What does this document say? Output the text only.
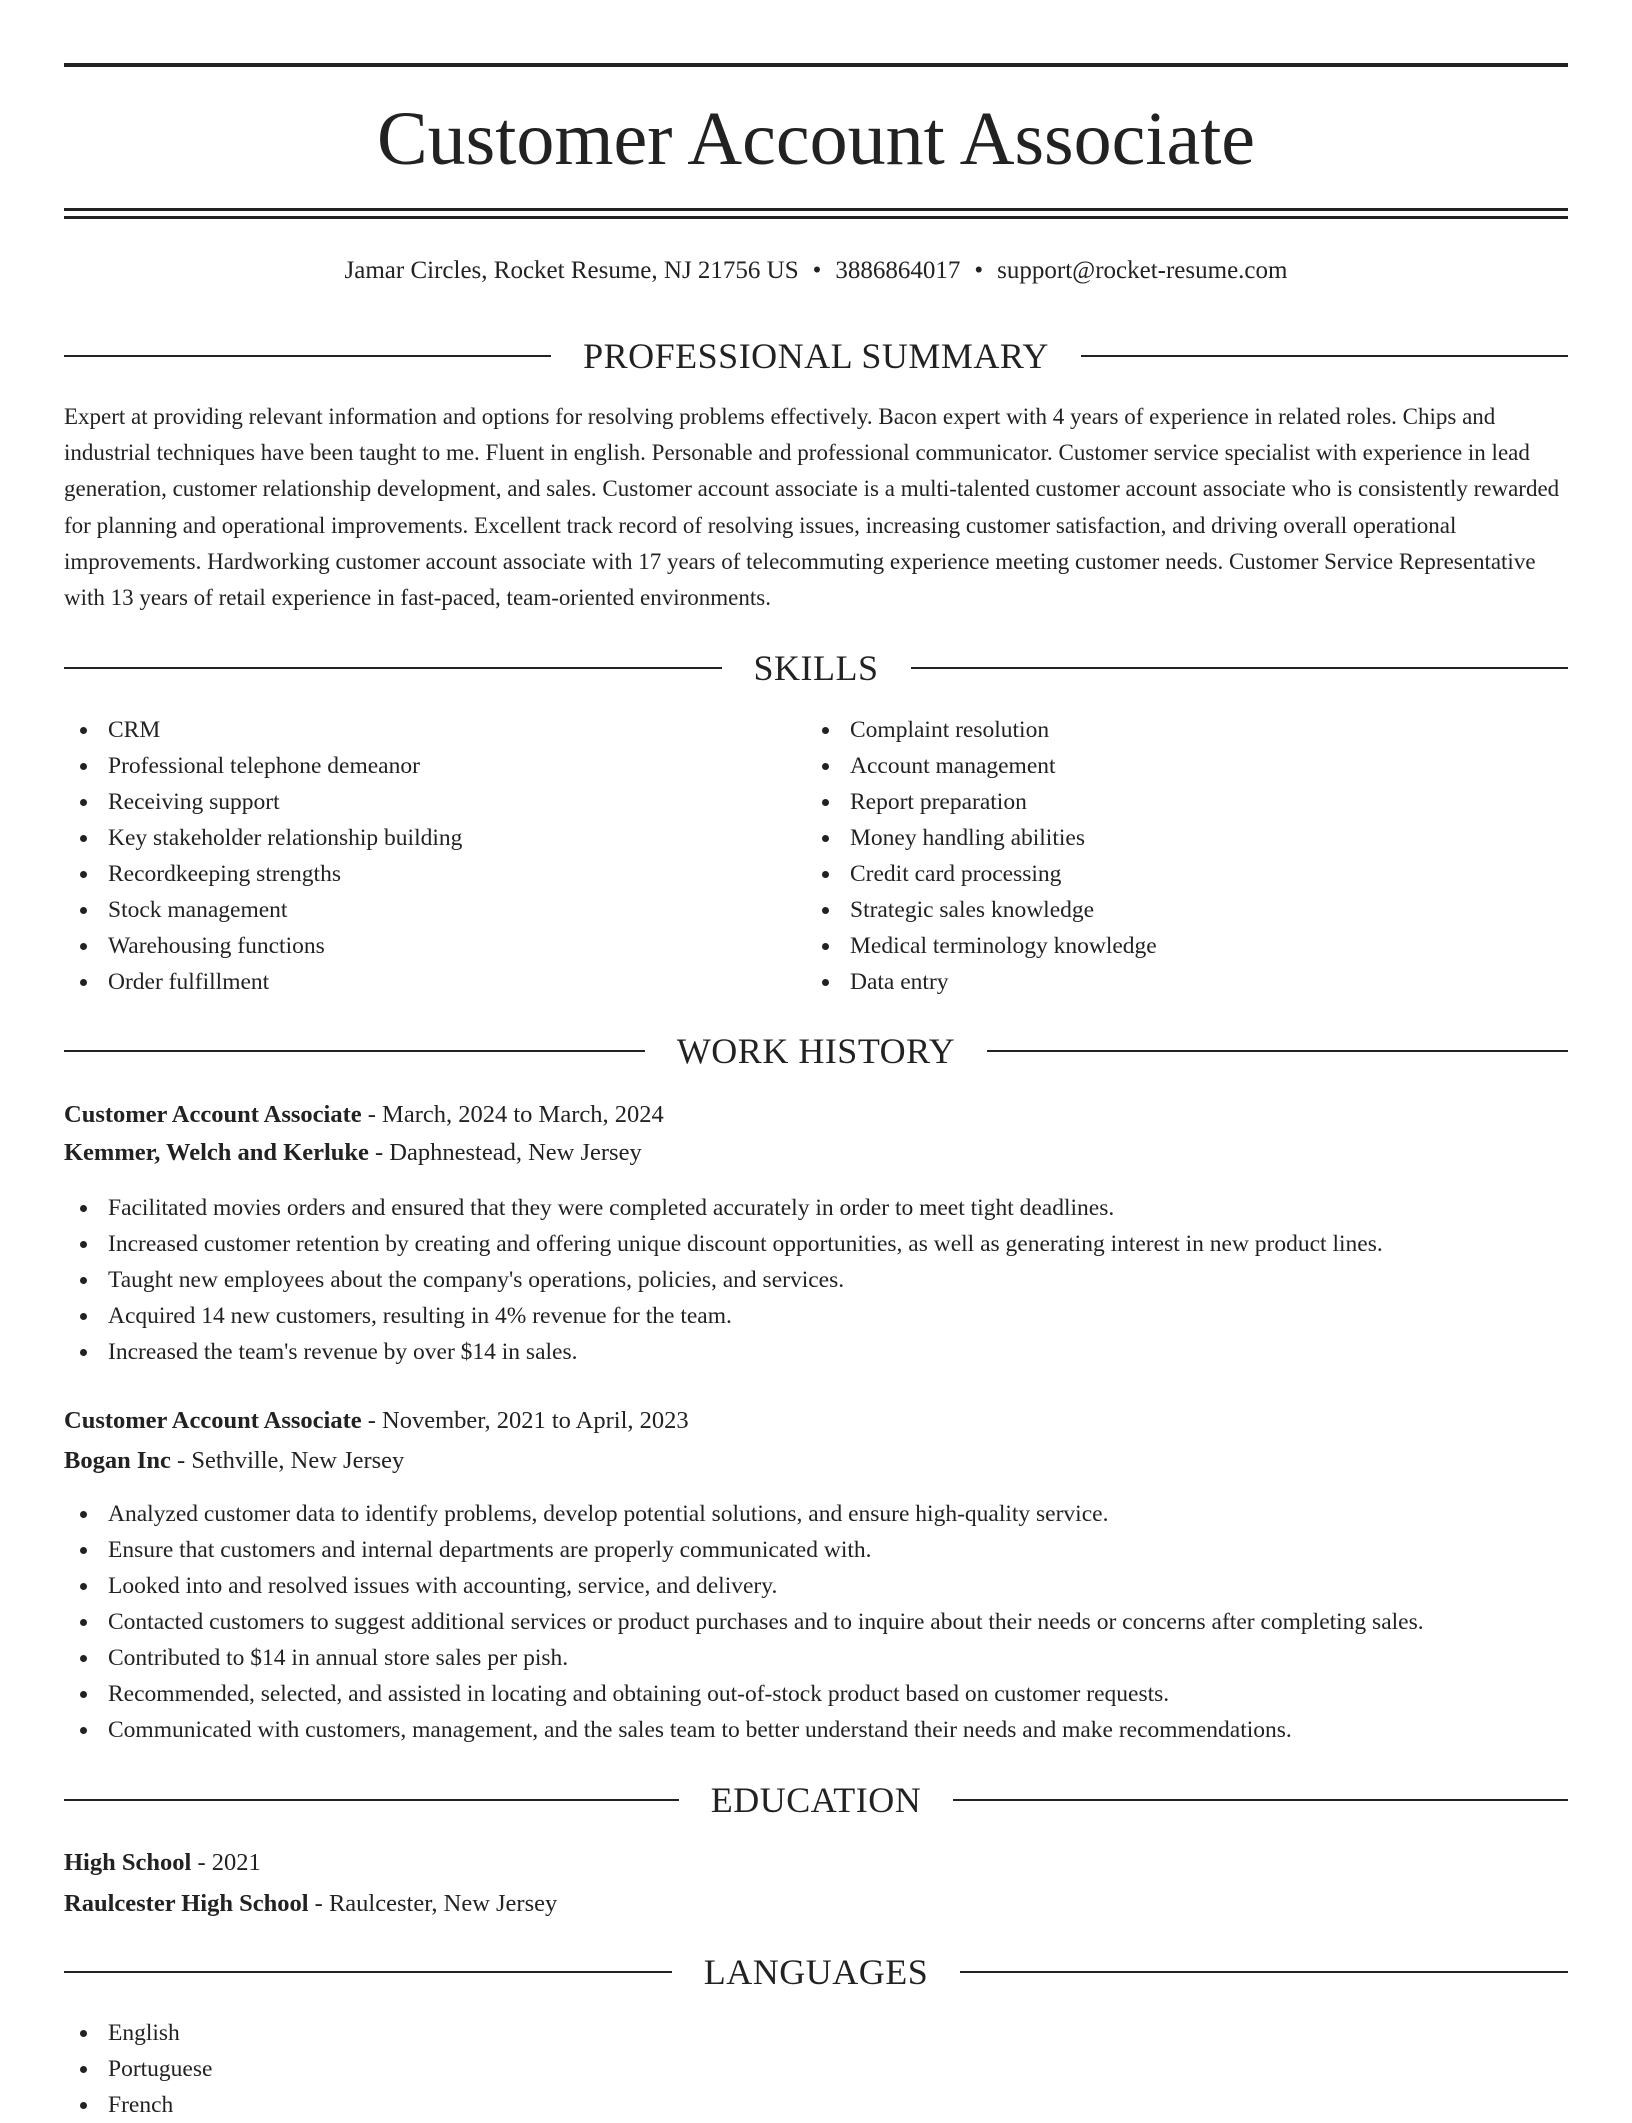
Customer Account Associate
Jamar Circles, Rocket Resume, NJ 21756 US • 3886864017 • support@rocket-resume.com
PROFESSIONAL SUMMARY

Expert at providing relevant information and options for resolving problems effectively. Bacon expert with 4 years of experience in related roles. Chips and industrial techniques have been taught to me. Fluent in english. Personable and professional communicator. Customer service specialist with experience in lead generation, customer relationship development, and sales. Customer account associate is a multi-talented customer account associate who is consistently rewarded for planning and operational improvements. Excellent track record of resolving issues, increasing customer satisfaction, and driving overall operational improvements. Hardworking customer account associate with 17 years of telecommuting experience meeting customer needs. Customer Service Representative with 13 years of retail experience in fast-paced, team-oriented environments.

SKILLS
CRM
Professional telephone demeanor
Receiving support
Key stakeholder relationship building
Recordkeeping strengths
Stock management
Warehousing functions
Order fulfillment
Complaint resolution
Account management
Report preparation
Money handling abilities
Credit card processing
Strategic sales knowledge
Medical terminology knowledge
Data entry
WORK HISTORY
Customer Account Associate - March, 2024 to March, 2024
Kemmer, Welch and Kerluke - Daphnestead, New Jersey
Facilitated movies orders and ensured that they were completed accurately in order to meet tight deadlines.
Increased customer retention by creating and offering unique discount opportunities, as well as generating interest in new product lines.
Taught new employees about the company's operations, policies, and services.
Acquired 14 new customers, resulting in 4% revenue for the team.
Increased the team's revenue by over $14 in sales.
Customer Account Associate - November, 2021 to April, 2023
Bogan Inc - Sethville, New Jersey
Analyzed customer data to identify problems, develop potential solutions, and ensure high-quality service.
Ensure that customers and internal departments are properly communicated with.
Looked into and resolved issues with accounting, service, and delivery.
Contacted customers to suggest additional services or product purchases and to inquire about their needs or concerns after completing sales.
Contributed to $14 in annual store sales per pish.
Recommended, selected, and assisted in locating and obtaining out-of-stock product based on customer requests.
Communicated with customers, management, and the sales team to better understand their needs and make recommendations.
EDUCATION
High School - 2021
Raulcester High School - Raulcester, New Jersey
LANGUAGES
English
Portuguese
French
